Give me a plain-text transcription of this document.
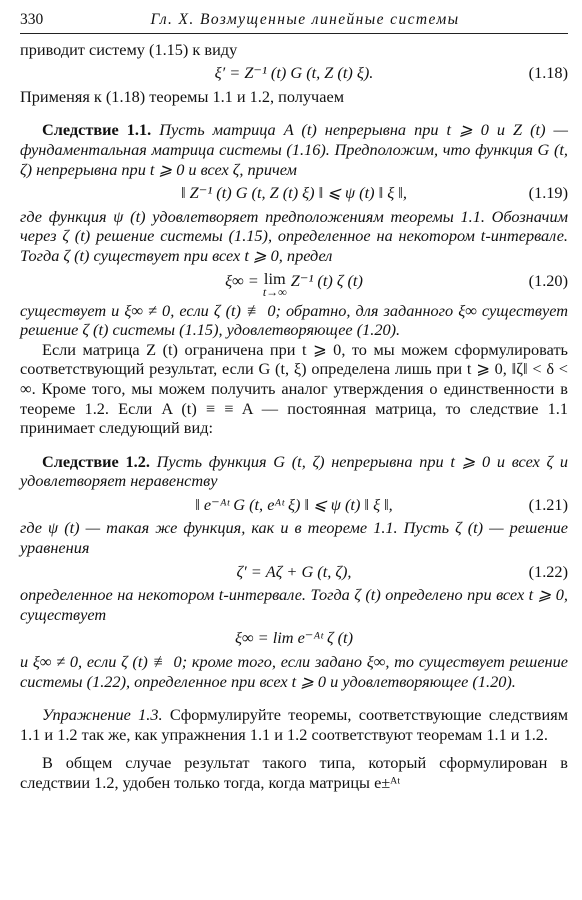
330	Гл. X. Возмущенные линейные системы

приводит систему (1.15) к виду

ξ′ = Z⁻¹ (t) G (t, Z (t) ξ).	(1.18)

Применяя к (1.18) теоремы 1.1 и 1.2, получаем

Следствие 1.1. Пусть матрица A (t) непрерывна при t ⩾ 0 и Z (t) — фундаментальная матрица системы (1.16). Предположим, что функция G (t, ζ) непрерывна при t ⩾ 0 и всех ζ, причем

‖ Z⁻¹ (t) G (t, Z (t) ξ) ‖ ⩽ ψ (t) ‖ ξ ‖,	(1.19)

где функция ψ (t) удовлетворяет предположениям теоремы 1.1. Обозначим через ζ (t) решение системы (1.15), определенное на некотором t-интервале. Тогда ζ (t) существует при всех t ⩾ 0, предел

ξ∞ = lim
t→∞
Z⁻¹ (t) ζ (t)	(1.20)

существует и ξ∞ ≠ 0, если ζ (t) ≢ 0; обратно, для заданного ξ∞ существует решение ζ (t) системы (1.15), удовлетворяющее (1.20).

Если матрица Z (t) ограничена при t ⩾ 0, то мы можем сформулировать соответствующий результат, если G (t, ξ) определена лишь при t ⩾ 0, ‖ζ‖ < δ < ∞. Кроме того, мы можем получить аналог утверждения о единственности в теореме 1.2. Если A (t) ≡ ≡ A — постоянная матрица, то следствие 1.1 принимает следующий вид:

Следствие 1.2. Пусть функция G (t, ζ) непрерывна при t ⩾ 0 и всех ζ и удовлетворяет неравенству

‖ e⁻ᴬᵗ G (t, eᴬᵗ ξ) ‖ ⩽ ψ (t) ‖ ξ ‖,	(1.21)

где ψ (t) — такая же функция, как и в теореме 1.1. Пусть ζ (t) — решение уравнения

ζ′ = Aζ + G (t, ζ),	(1.22)

определенное на некотором t-интервале. Тогда ζ (t) определено при всех t ⩾ 0, существует

ξ∞ = lim e⁻ᴬᵗ ζ (t)

и ξ∞ ≠ 0, если ζ (t) ≢ 0; кроме того, если задано ξ∞, то существует решение системы (1.22), определенное при всех t ⩾ 0 и удовлетворяющее (1.20).

Упражнение 1.3. Сформулируйте теоремы, соответствующие следствиям 1.1 и 1.2 так же, как упражнения 1.1 и 1.2 соответствуют теоремам 1.1 и 1.2.

В общем случае результат такого типа, который сформулирован в следствии 1.2, удобен только тогда, когда матрицы e±ᴬᵗ
